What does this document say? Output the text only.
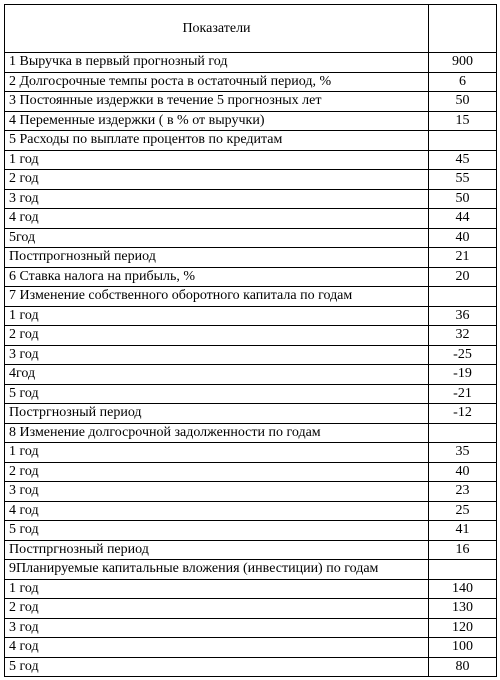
Показатели	
1 Выручка в первый прогнозный год	900
2 Долгосрочные темпы роста в остаточный период, %	6
3 Постоянные издержки в течение 5 прогнозных лет	50
4 Переменные издержки ( в % от выручки)	15
5 Расходы по выплате процентов по кредитам	
1 год	45
2 год	55
3 год	50
4 год	44
5год	40
Постпрогнозный период	21
6 Ставка налога на прибыль, %	20
7 Изменение собственного оборотного капитала по годам	
1 год	36
2 год	32
3 год	-25
4год	-19
5 год	-21
Постргнозный период	-12
8 Изменение долгосрочной задолженности по годам	
1 год	35
2 год	40
3 год	23
4 год	25
5 год	41
Постпргнозный период	16
9Планируемые капитальные вложения (инвестиции) по годам	
1 год	140
2 год	130
3 год	120
4 год	100
5 год	80
